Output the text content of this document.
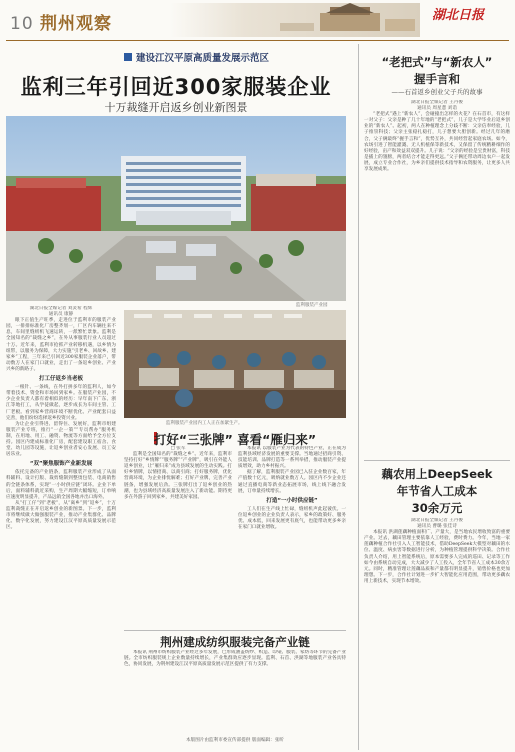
10 荆州观察	湖北日报
建设江汉平原高质量发展示范区
监利三年引回近300家服装企业
十万裁缝开启返乡创业新图景
监利服装产业园

湖北日报全媒记者 刘灵希 程辉

通讯员 康静

眼下正值生产旺季，走进位于监利市的服装产业园，一排排标准化厂房整齐划一，厂区内车辆往来不息，车间里缝纫机飞速运转，一派繁忙景象。监利是全国知名的“裁缝之乡”，在外从事服装行业人员超过十万。近年来，监利市抢抓产业转移机遇，以乡情为纽带，以服务为保障，大力实施“引老乡、回故乡、建家乡”工程，三年来已引回近300家服装企业落户，带动数万人在家门口就业，走出了一条返乡创业、产业兴乡的新路子。

打工仔返乡当老板

一根针、一条线，在外打拼多年的监利人，如今带着技术、资金和市场回到家乡。在服装产业园，不少企业负责人都有着相似的经历：早年南下广东、浙江等地打工，从学徒做起，逐步成长为车间主管、工厂老板。看到家乡营商环境不断优化、产业配套日益完善，他们纷纷选择返乡投资兴业。

为让企业引得进、留得住、发展好，监利市组建服装产业专班，推行“一企一策”“专员帮办”服务机制，在用地、用工、融资、物流等方面给予全方位支持。园区内建成标准化厂房，配套建设职工宿舍、食堂、幼儿园等设施，让返乡创业者安心发展、员工安居乐业。

“双”聚焦服饰产业新发展

依托完备的产业链条，监利服装产业形成了从面料辅料、设计打版、裁剪缝制到整烫包装、电商销售的全链条体系，实现“一小时供应链”闭环。企业下单后，面料辅料就近采购，生产周期大幅缩短，订单响应速度明显提升，产品远销全国各地并出口海外。

从“打工仔”到“老板”，从“离乡”到“返乡”，十万监利裁缝正在开启返乡创业的新图景。下一步，监利市将继续做大做强服装产业，推动产业集群化、品牌化、数字化发展，努力建设江汉平原高质量发展示范区。

监利服装产业园内工人正在加紧生产。
打好“三张牌” 喜看“雁归来”

□ 张军

监利是全国知名的“裁缝之乡”。近年来，监利市坚持打好“乡情牌”“服务牌”“产业牌”，吸引在外能人返乡创业，让“雁归来”成为县域发展的生动实践。打好乡情牌，以情招商、以商引商；打好服务牌，优化营商环境，为企业排忧解难；打好产业牌，完善产业链条，增强发展后劲。三张牌打出了返乡创业的热潮，也为县域经济高质量发展注入了新动能。期待更多在外游子回到家乡，共建美好家园。

本报讯 以服装产业为代表的特色产业，正在成为监利县域经济发展的重要支撑。当地通过招商引资、技能培训、品牌打造等一系列举措，推动服装产业提质增效，助力乡村振兴。

据了解，监利服装产业园已入驻企业数百家，年产值数十亿元，吸纳就业数万人。园区内不少企业还通过直播电商等新业态拓展市场，线上线下融合发展，订单量持续增长。

打造“一小时供应链”

工人们在生产线上忙碌，缝纫机声此起彼伏。一位返乡创业的企业负责人表示，家乡的政策好、服务优、成本低，回来发展更有底气，也能带动更多乡亲在家门口就业增收。

荆州建成纺织服装完备产业链

本报讯 荆州市纺织服装产业经过多年发展，已形成涵盖纺纱、织造、印染、服装、家纺等环节的完备产业链。全市纺织服装规上企业数量持续增长，产业集群效应逐步显现。监利、石首、洪湖等地服装产业各具特色，协同发展，为荆州建设江汉平原高质量发展示范区提供了有力支撑。

本版图片由监利市委宣传部提供 版面编辑：张昕
“老把式”与“新农人”
握手言和
——石首返乡创业父子兵的故事

湖北日报全媒记者 王丹俊

通讯员 周星薏 刘诣

“老把式”遇上“新农人”，会碰撞出怎样的火花？在石首市，有这样一对父子：父亲是种了几十年地的“老把式”，儿子是大学毕业后返乡创业的“新农人”。起初，两人在种植理念上分歧不断：父亲信奉经验，儿子推崇科技；父亲主张稳扎稳打，儿子想要大胆创新。经过几年的磨合，父子俩最终“握手言和”，优势互补，共同经营起家庭农场。如今，农场引进了智能灌溉、无人机植保等新技术，又保留了传统精耕细作的好经验，亩产和效益双双提升。儿子说：“父亲的经验是宝贵财富，科技是插上的翅膀，两者结合才能走得更远。”父子俩还带动周边农户一起发展，成立专业合作社，为乡亲们提供技术指导和农资服务，让更多人共享发展成果。

藕农用上DeepSeek
年节省人工成本
30余万元

湖北日报全媒记者 王丹俊

通讯员 曹璐 张佳诗

本报讯 洪湖莲藕种植面积广、产量大，是当地农民增收致富的重要产业。过去，藕田管理主要依靠人工经验，费时费力。今年，当地一家莲藕种植合作社引入人工智能技术，借助DeepSeek大模型对藕田的水位、温度、病虫害等数据进行分析，为种植管理提供科学决策。合作社负责人介绍，用上智能系统后，原本需要多人完成的巡田、记录等工作如今由系统自动完成，大大减少了人工投入，全年节省人工成本30余万元。同时，精准管理让莲藕品质和产量都有明显提升，销售价格也更加理想。下一步，合作社计划进一步扩大智能化应用范围，带动更多藕农用上新技术，实现节本增效。
